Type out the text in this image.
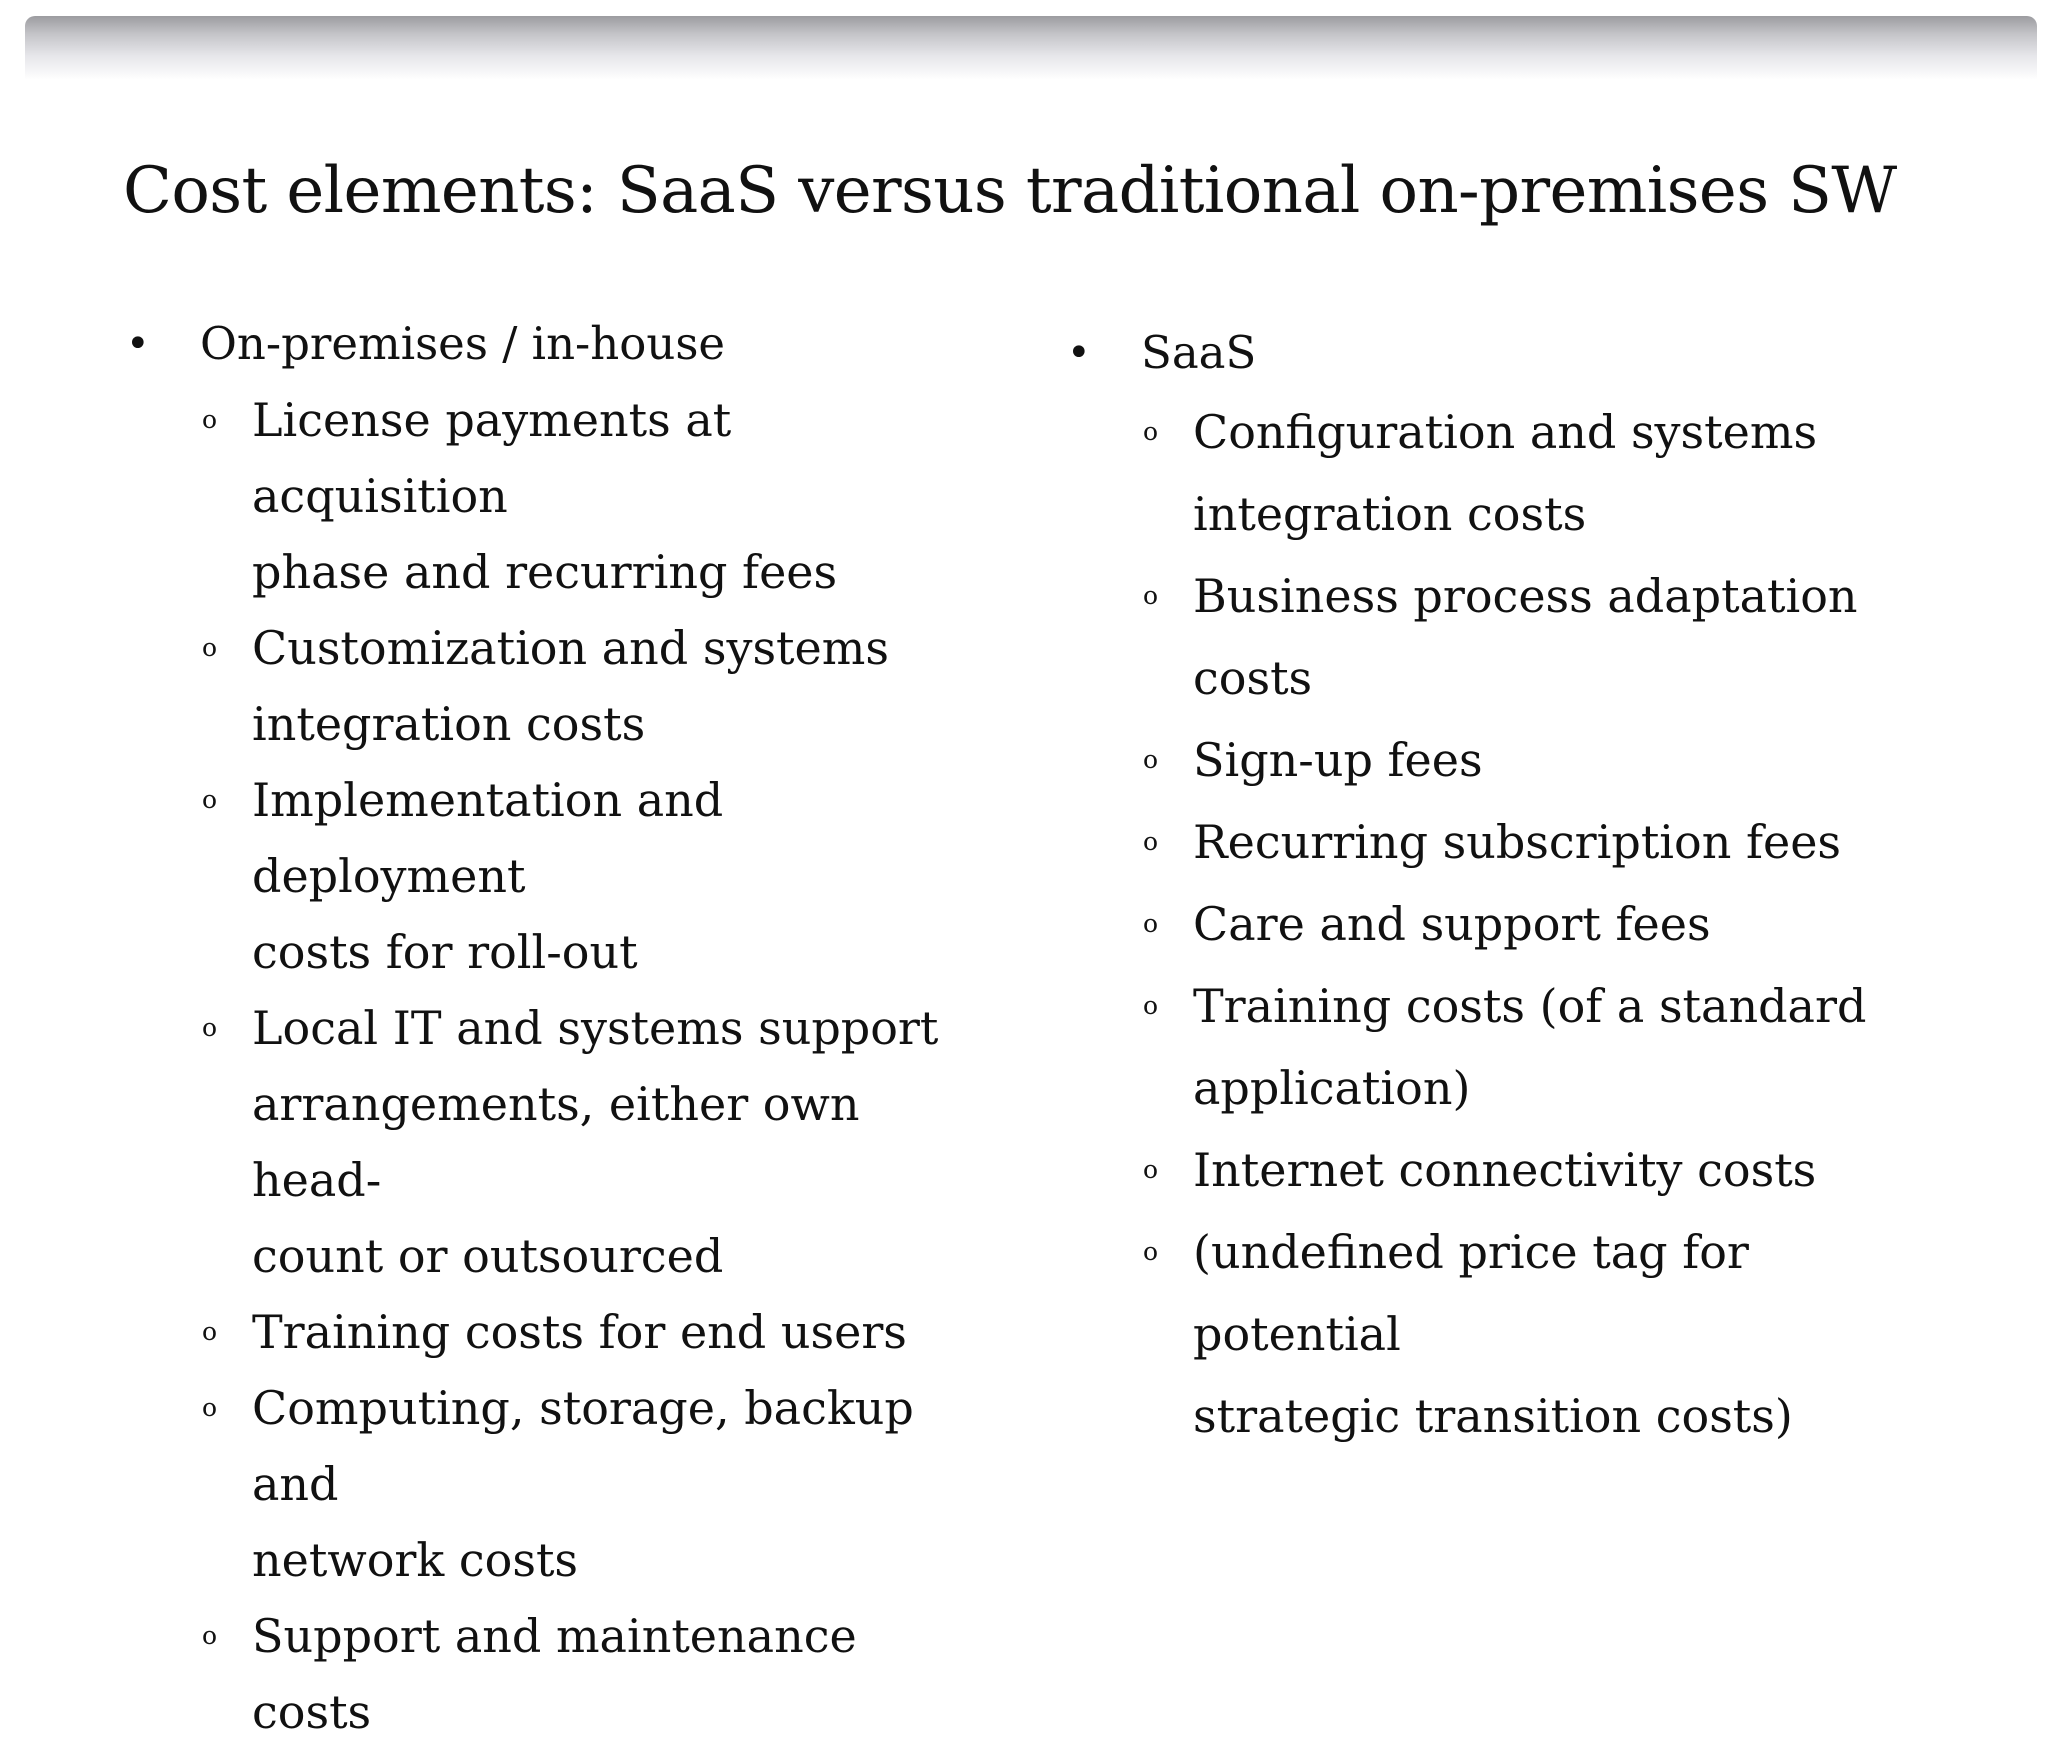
Cost elements: SaaS versus traditional on-premises SW
• On-premises / in-house
o License payments at acquisition
phase and recurring fees
o Customization and systems
integration costs
o Implementation and deployment
costs for roll-out
o Local IT and systems support
arrangements, either own head-
count or outsourced
o Training costs for end users
o Computing, storage, backup and
network costs
o Support and maintenance costs
• SaaS
o Configuration and systems
integration costs
o Business process adaptation costs
o Sign-up fees
o Recurring subscription fees
o Care and support fees
o Training costs (of a standard
application)
o Internet connectivity costs
o (undefined price tag for potential
strategic transition costs)
